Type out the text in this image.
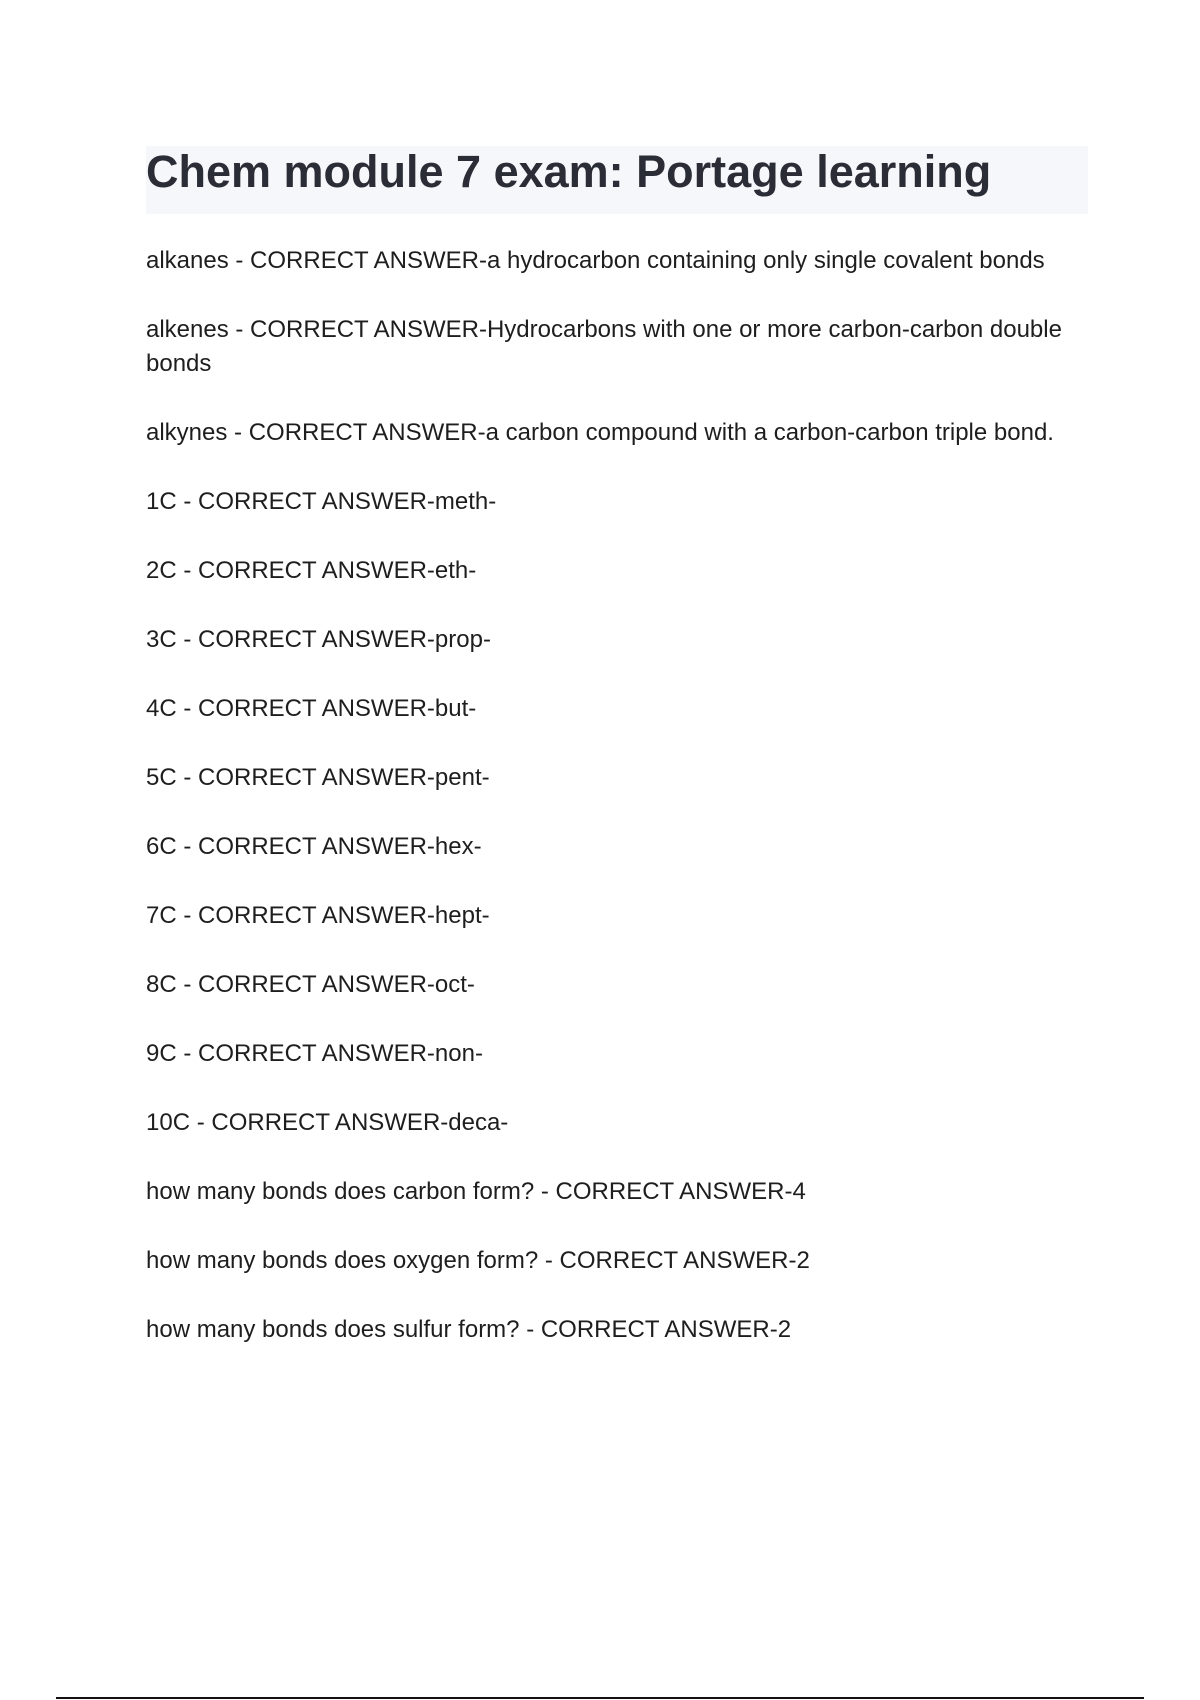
Chem module 7 exam: Portage learning
alkanes - CORRECT ANSWER-a hydrocarbon containing only single covalent bonds
alkenes - CORRECT ANSWER-Hydrocarbons with one or more carbon-carbon double bonds
alkynes - CORRECT ANSWER-a carbon compound with a carbon-carbon triple bond.
1C - CORRECT ANSWER-meth-
2C - CORRECT ANSWER-eth-
3C - CORRECT ANSWER-prop-
4C - CORRECT ANSWER-but-
5C - CORRECT ANSWER-pent-
6C - CORRECT ANSWER-hex-
7C - CORRECT ANSWER-hept-
8C - CORRECT ANSWER-oct-
9C - CORRECT ANSWER-non-
10C - CORRECT ANSWER-deca-
how many bonds does carbon form? - CORRECT ANSWER-4
how many bonds does oxygen form? - CORRECT ANSWER-2
how many bonds does sulfur form? - CORRECT ANSWER-2
